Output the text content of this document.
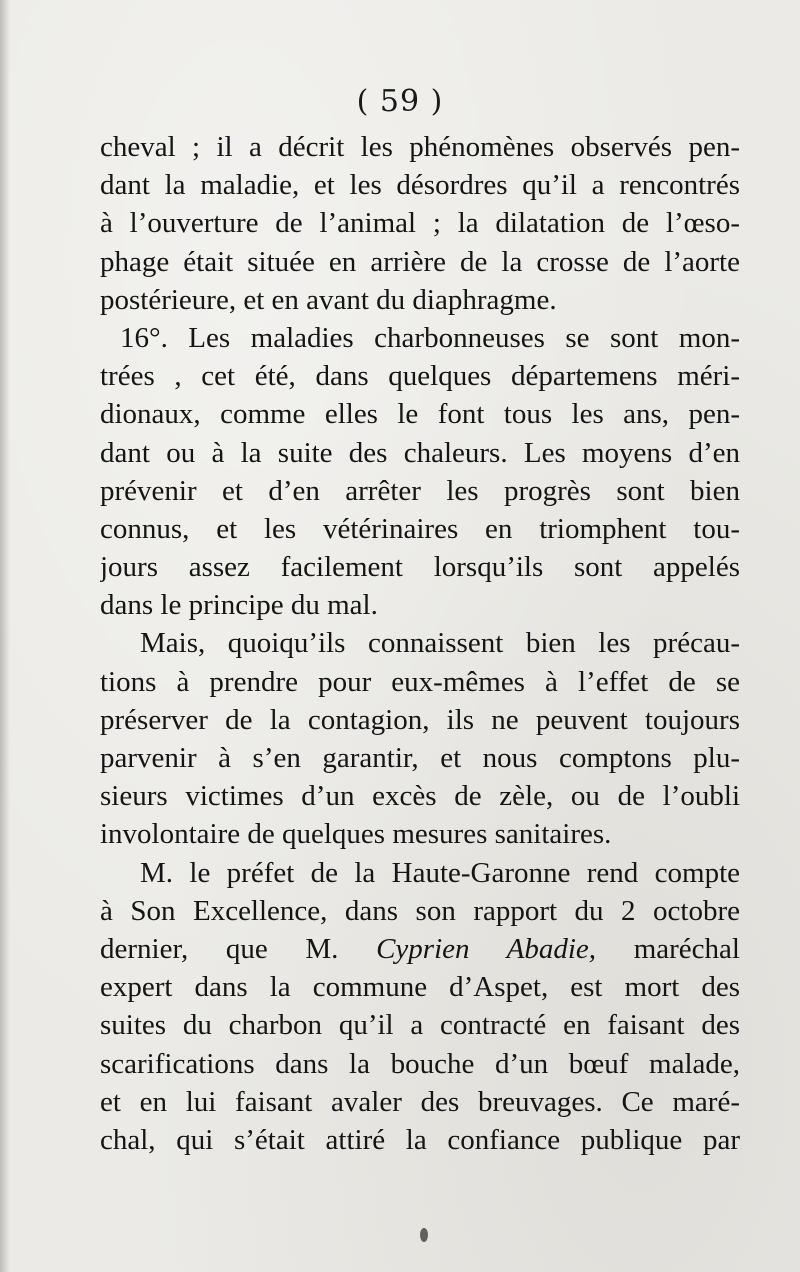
( 59 )
cheval ; il a décrit les phénomènes observés pen-
dant la maladie, et les désordres qu’il a rencontrés
à l’ouverture de l’animal ; la dilatation de l’œso-
phage était située en arrière de la crosse de l’aorte
postérieure, et en avant du diaphragme.
16°. Les maladies charbonneuses se sont mon-
trées , cet été, dans quelques départemens méri-
dionaux, comme elles le font tous les ans, pen-
dant ou à la suite des chaleurs. Les moyens d’en
prévenir et d’en arrêter les progrès sont bien
connus, et les vétérinaires en triomphent tou-
jours assez facilement lorsqu’ils sont appelés
dans le principe du mal.
Mais, quoiqu’ils connaissent bien les précau-
tions à prendre pour eux-mêmes à l’effet de se
préserver de la contagion, ils ne peuvent toujours
parvenir à s’en garantir, et nous comptons plu-
sieurs victimes d’un excès de zèle, ou de l’oubli
involontaire de quelques mesures sanitaires.
M. le préfet de la Haute-Garonne rend compte
à Son Excellence, dans son rapport du 2 octobre
dernier, que M. Cyprien Abadie, maréchal
expert dans la commune d’Aspet, est mort des
suites du charbon qu’il a contracté en faisant des
scarifications dans la bouche d’un bœuf malade,
et en lui faisant avaler des breuvages. Ce maré-
chal, qui s’était attiré la confiance publique par
